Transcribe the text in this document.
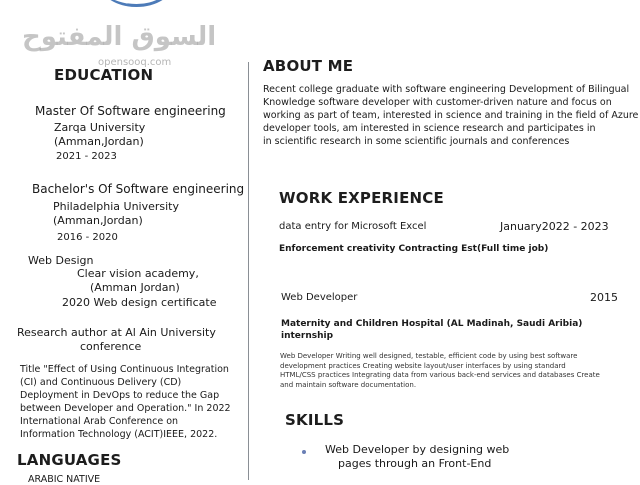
السوق المفتوح
opensooq.com
EDUCATION
Master Of Software engineering
Zarqa University
(Amman,Jordan)
2021 - 2023
Bachelor's Of Software engineering
Philadelphia University
(Amman,Jordan)
2016 - 2020
Web Design
Clear vision academy,
(Amman Jordan)
2020 Web design certificate
Research author at Al Ain University
conference
Title "Effect of Using Continuous Integration
(CI) and Continuous Delivery (CD)
Deployment in DevOps to reduce the Gap
between Developer and Operation." In 2022
International Arab Conference on
Information Technology (ACIT)IEEE, 2022.
LANGUAGES
ARABIC NATIVE
ABOUT ME
Recent college graduate with software engineering Development of Bilingual
Knowledge software developer with customer-driven nature and focus on
working as part of team, interested in science and training in the field of Azure
developer tools, am interested in science research and participates in
in scientific research in some scientific journals and conferences
WORK EXPERIENCE
data entry for Microsoft Excel	January2022 - 2023
Enforcement creativity Contracting Est(Full time job)
Web Developer	2015
Maternity and Children Hospital (AL Madinah, Saudi Aribia)
internship
Web Developer Writing well designed, testable, efficient code by using best software development practices Creating website layout/user interfaces by using standard HTML/CSS practices Integrating data from various back-end services and databases Create and maintain software documentation.
SKILLS
Web Developer by designing web
pages through an Front-End
